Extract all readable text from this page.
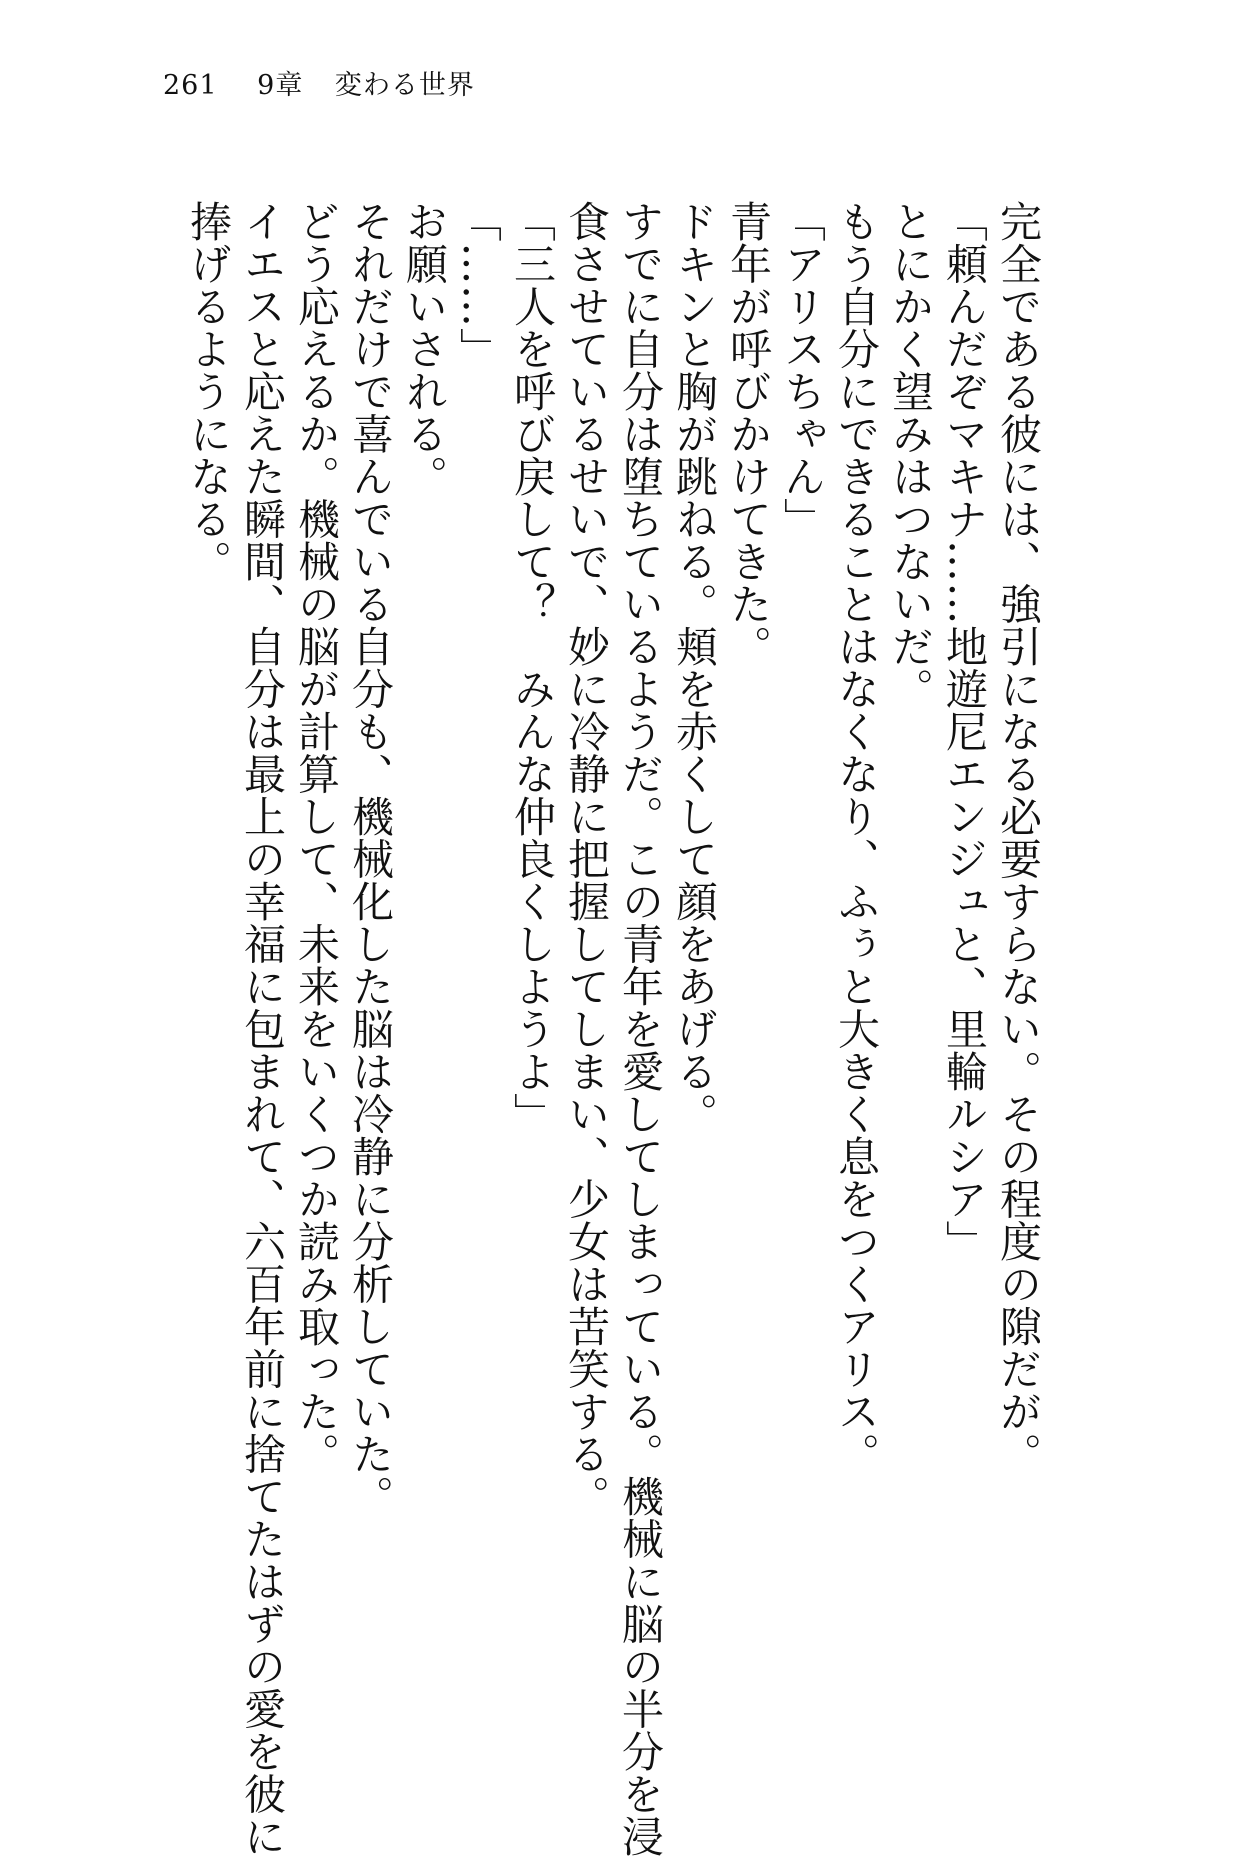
261 9章 変わる世界

完全である彼には、強引になる必要すらない。その程度の隙だが。

「頼んだぞマキナ……地遊尼エンジュと、里輪ルシア」

とにかく望みはつないだ。

もう自分にできることはなくなり、ふぅと大きく息をつくアリス。

「アリスちゃん」

青年が呼びかけてきた。

ドキンと胸が跳ねる。頬を赤くして顔をあげる。

すでに自分は堕ちているようだ。この青年を愛してしまっている。機械に脳の半分を浸

食させているせいで、妙に冷静に把握してしまい、少女は苦笑する。

「三人を呼び戻して？　みんな仲良くしようよ」

「……」

お願いされる。

それだけで喜んでいる自分も、機械化した脳は冷静に分析していた。

どう応えるか。機械の脳が計算して、未来をいくつか読み取った。

イエスと応えた瞬間、自分は最上の幸福に包まれて、六百年前に捨てたはずの愛を彼に

捧げるようになる。
